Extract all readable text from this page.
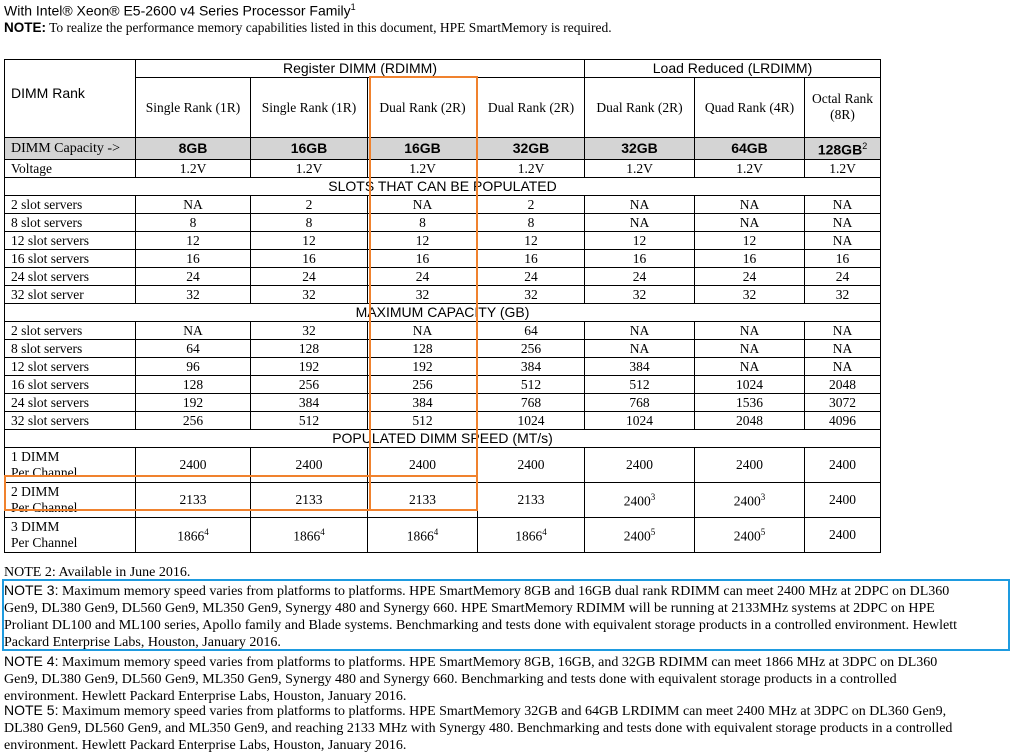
With Intel® Xeon® E5-2600 v4 Series Processor Family$^1$
NOTE: To realize the performance memory capabilities listed in this document, HPE SmartMemory is required.
	Register DIMM (RDIMM)				Load Reduced (LRDIMM)		
DIMM Rank	Single Rank (1R)	Single Rank (1R)	Dual Rank (2R)	Dual Rank (2R)	Dual Rank (2R)	Quad Rank (4R)	Octal Rank (8R)
DIMM Capacity ->	8GB	16GB	16GB	32GB	32GB	64GB	$128GB^2$
Voltage	1.2V	1.2V	1.2V	1.2V	1.2V	1.2V	1.2V
SLOTS THAT CAN BE POPULATED							
2 slot servers	NA	2	NA	2	NA	NA	NA
8 slot servers	8	8	8	8	NA	NA	NA
12 slot servers	12	12	12	12	12	12	NA
16 slot servers	16	16	16	16	16	16	16
24 slot servers	24	24	24	24	24	24	24
32 slot server	32	32	32	32	32	32	32
MAXIMUM CAPACITY (GB)							
2 slot servers	NA	32	NA	64	NA	NA	NA
8 slot servers	64	128	128	256	NA	NA	NA
12 slot servers	96	192	192	384	384	NA	NA
16 slot servers	128	256	256	512	512	1024	2048
24 slot servers	192	384	384	768	768	1536	3072
32 slot servers	256	512	512	1024	1024	2048	4096
POPULATED DIMM SPEED (MT/s)							

1 DIMM
Per Channel	2400	2400	2400	2400	2400	2400	2400

2 DIMM
Per Channel	2133	2133	2133	2133	2400$^3$	2400$^3$	2400

3 DIMM
Per Channel	1866$^4$	1866$^4$	1866$^4$	1866$^4$	2400$^5$	2400$^5$	2400
NOTE 2: Available in June 2016.
NOTE 3: Maximum memory speed varies from platforms to platforms. HPE SmartMemory 8GB and 16GB dual rank RDIMM can meet 2400 MHz at 2DPC on DL360
Gen9, DL380 Gen9, DL560 Gen9, ML350 Gen9, Synergy 480 and Synergy 660. HPE SmartMemory RDIMM will be running at 2133MHz systems at 2DPC on HPE
Proliant DL100 and ML100 series, Apollo family and Blade systems. Benchmarking and tests done with equivalent storage products in a controlled environment. Hewlett
Packard Enterprise Labs, Houston, January 2016.
NOTE 4: Maximum memory speed varies from platforms to platforms. HPE SmartMemory 8GB, 16GB, and 32GB RDIMM can meet 1866 MHz at 3DPC on DL360
Gen9, DL380 Gen9, DL560 Gen9, ML350 Gen9, Synergy 480 and Synergy 660. Benchmarking and tests done with equivalent storage products in a controlled
environment. Hewlett Packard Enterprise Labs, Houston, January 2016.
NOTE 5: Maximum memory speed varies from platforms to platforms. HPE SmartMemory 32GB and 64GB LRDIMM can meet 2400 MHz at 3DPC on DL360 Gen9,
DL380 Gen9, DL560 Gen9, and ML350 Gen9, and reaching 2133 MHz with Synergy 480. Benchmarking and tests done with equivalent storage products in a controlled
environment. Hewlett Packard Enterprise Labs, Houston, January 2016.
